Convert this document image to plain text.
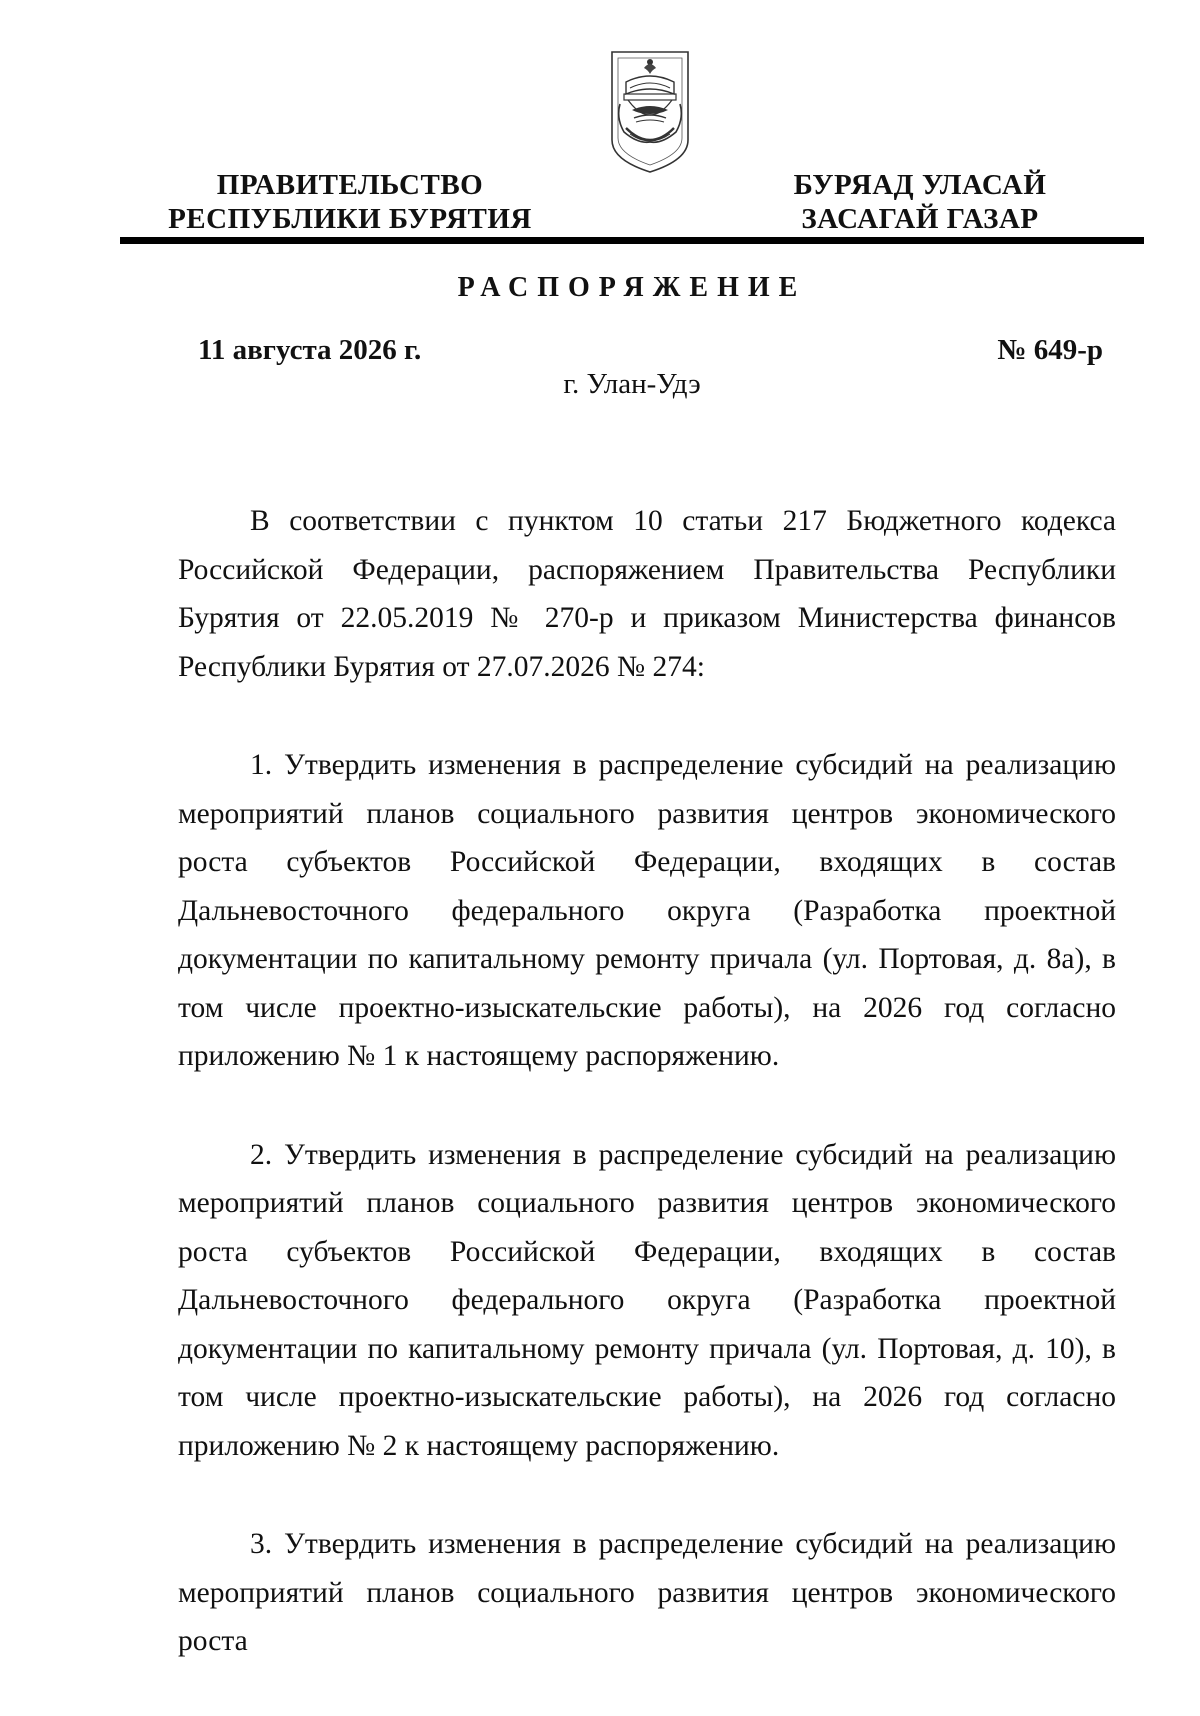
ПРАВИТЕЛЬСТВО
РЕСПУБЛИКИ БУРЯТИЯ
БУРЯАД УЛАСАЙ
ЗАСАГАЙ ГАЗАР
РАСПОРЯЖЕНИЕ
11 августа 2026 г.	№ 649-р
г. Улан-Удэ

В соответствии с пунктом 10 статьи 217 Бюджетного кодекса Российской Федерации, распоряжением Правительства Республики Бурятия от 22.05.2019 № 270-р и приказом Министерства финансов Республики Бурятия от 27.07.2026 № 274:

1. Утвердить изменения в распределение субсидий на реализацию мероприятий планов социального развития центров экономического роста субъектов Российской Федерации, входящих в состав Дальневосточного федерального округа (Разработка проектной документации по капитальному ремонту причала (ул. Портовая, д. 8а), в том числе проектно-изыскательские работы), на 2026 год согласно приложению № 1 к настоящему распоряжению.

2. Утвердить изменения в распределение субсидий на реализацию мероприятий планов социального развития центров экономического роста субъектов Российской Федерации, входящих в состав Дальневосточного федерального округа (Разработка проектной документации по капитальному ремонту причала (ул. Портовая, д. 10), в том числе проектно-изыскательские работы), на 2026 год согласно приложению № 2 к настоящему распоряжению.

3. Утвердить изменения в распределение субсидий на реализацию мероприятий планов социального развития центров экономического роста
